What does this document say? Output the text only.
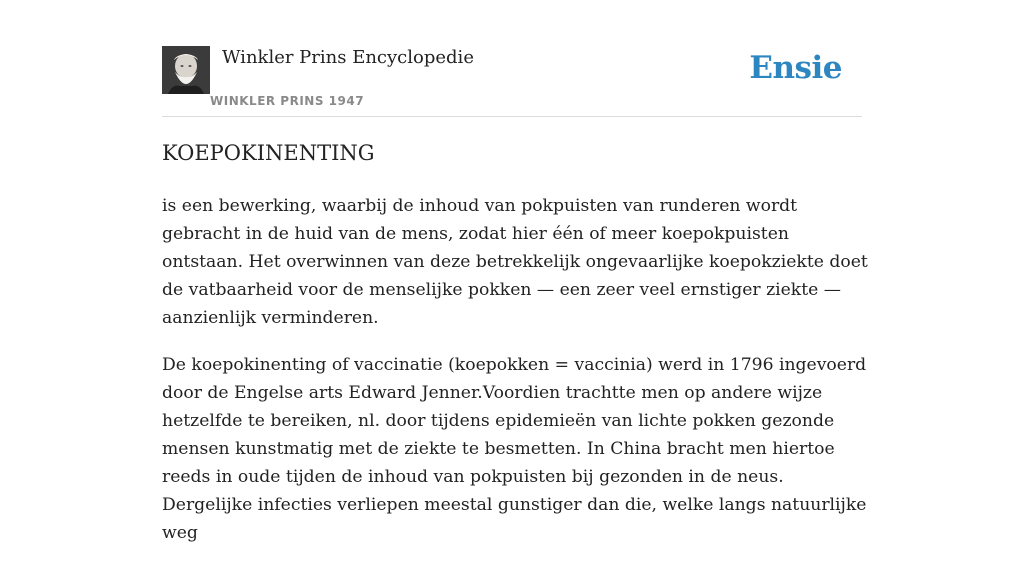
Winkler Prins Encyclopedie
WINKLER PRINS 1947
Ensie
KOEPOKINENTING

is een bewerking, waarbij de inhoud van pokpuisten van runderen wordt gebracht in de huid van de mens, zodat hier één of meer koepokpuisten ontstaan. Het overwinnen van deze betrekkelijk ongevaarlijke koepokziekte doet de vatbaarheid voor de menselijke pokken — een zeer veel ernstiger ziekte — aanzienlijk verminderen.

De koepokinenting of vaccinatie (koepokken = vaccinia) werd in 1796 ingevoerd door de Engelse arts Edward Jenner.Voordien trachtte men op andere wijze hetzelfde te bereiken, nl. door tijdens epidemieën van lichte pokken gezonde mensen kunstmatig met de ziekte te besmetten. In China bracht men hiertoe reeds in oude tijden de inhoud van pokpuisten bij gezonden in de neus. Dergelijke infecties verliepen meestal gunstiger dan die, welke langs natuurlijke weg
